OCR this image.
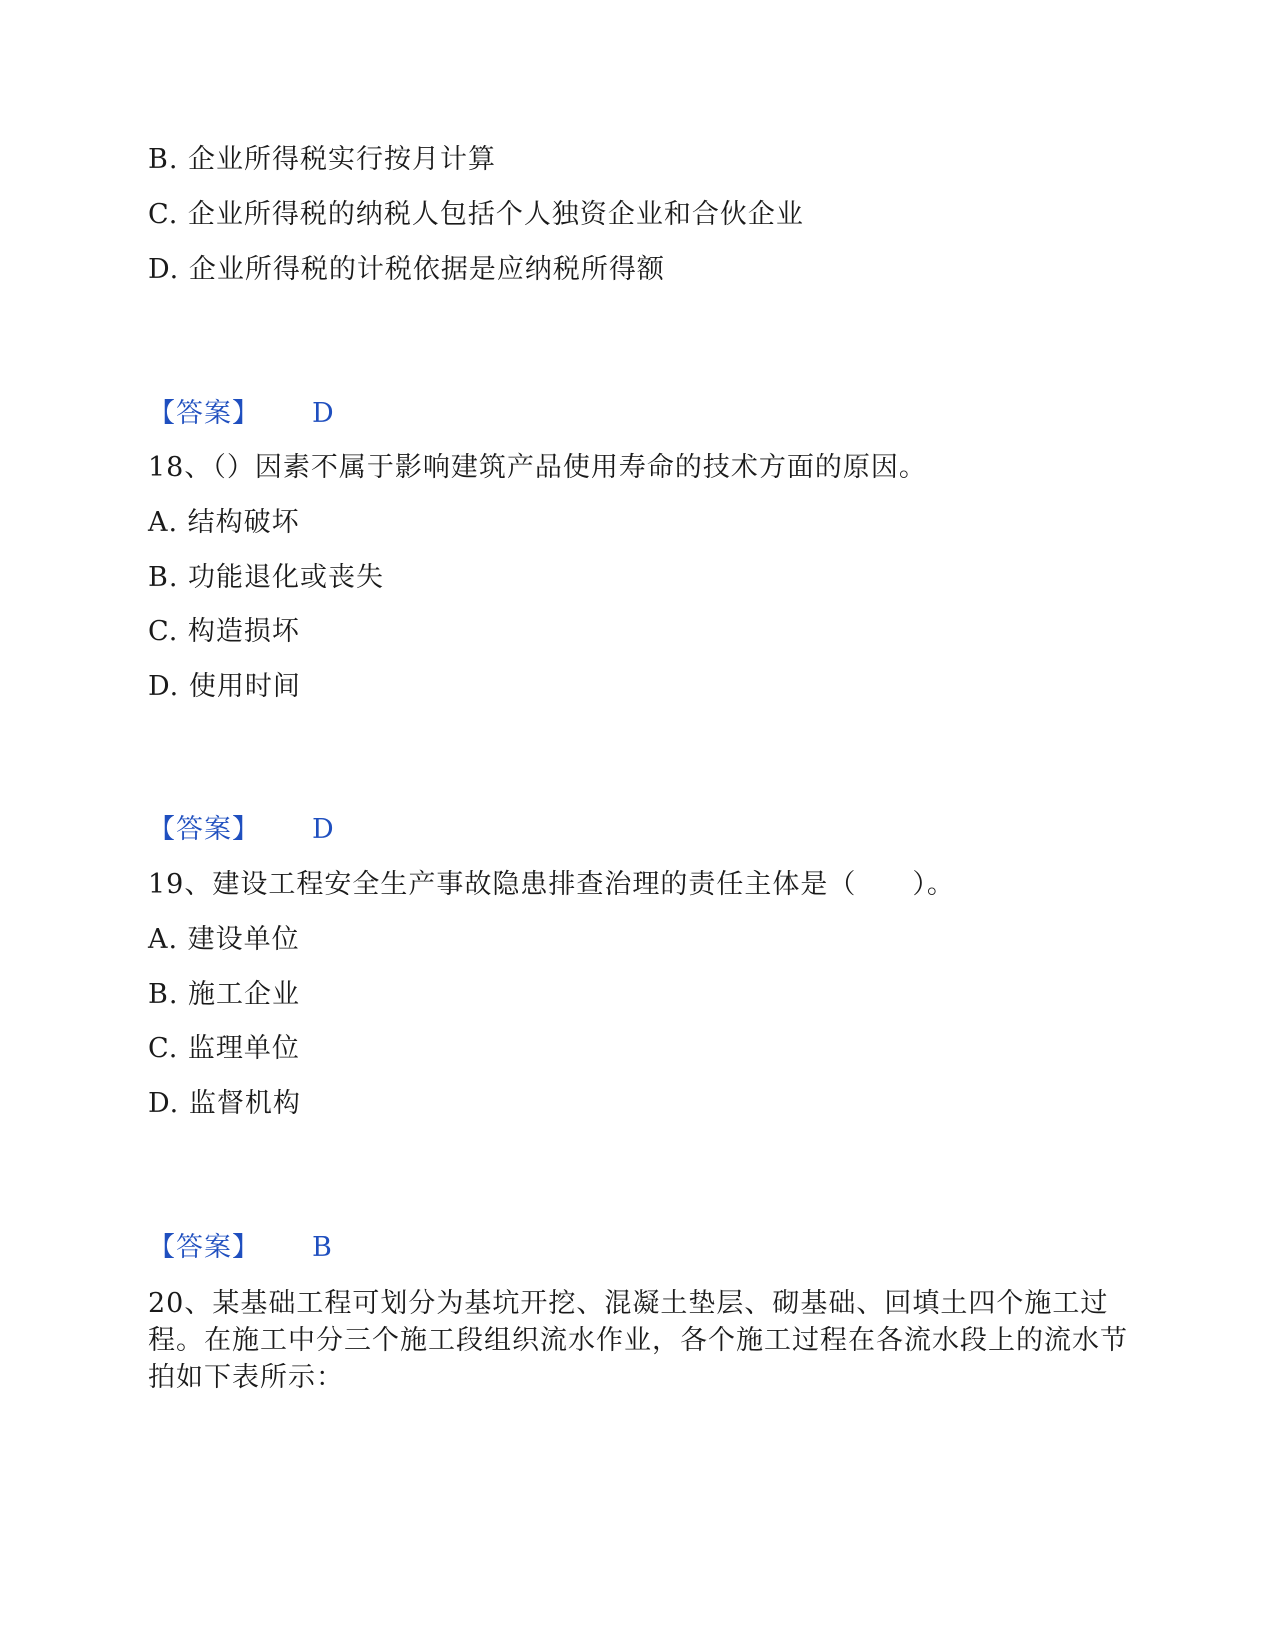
B. 企业所得税实行按月计算
C. 企业所得税的纳税人包括个人独资企业和合伙企业
D. 企业所得税的计税依据是应纳税所得额
【答案】 D
18、（）因素不属于影响建筑产品使用寿命的技术方面的原因。
A. 结构破坏
B. 功能退化或丧失
C. 构造损坏
D. 使用时间
【答案】 D
19、建设工程安全生产事故隐患排查治理的责任主体是（　　）。
A. 建设单位
B. 施工企业
C. 监理单位
D. 监督机构
【答案】 B
20、某基础工程可划分为基坑开挖、混凝土垫层、砌基础、回填土四个施工过程。在施工中分三个施工段组织流水作业，各个施工过程在各流水段上的流水节拍如下表所示：
